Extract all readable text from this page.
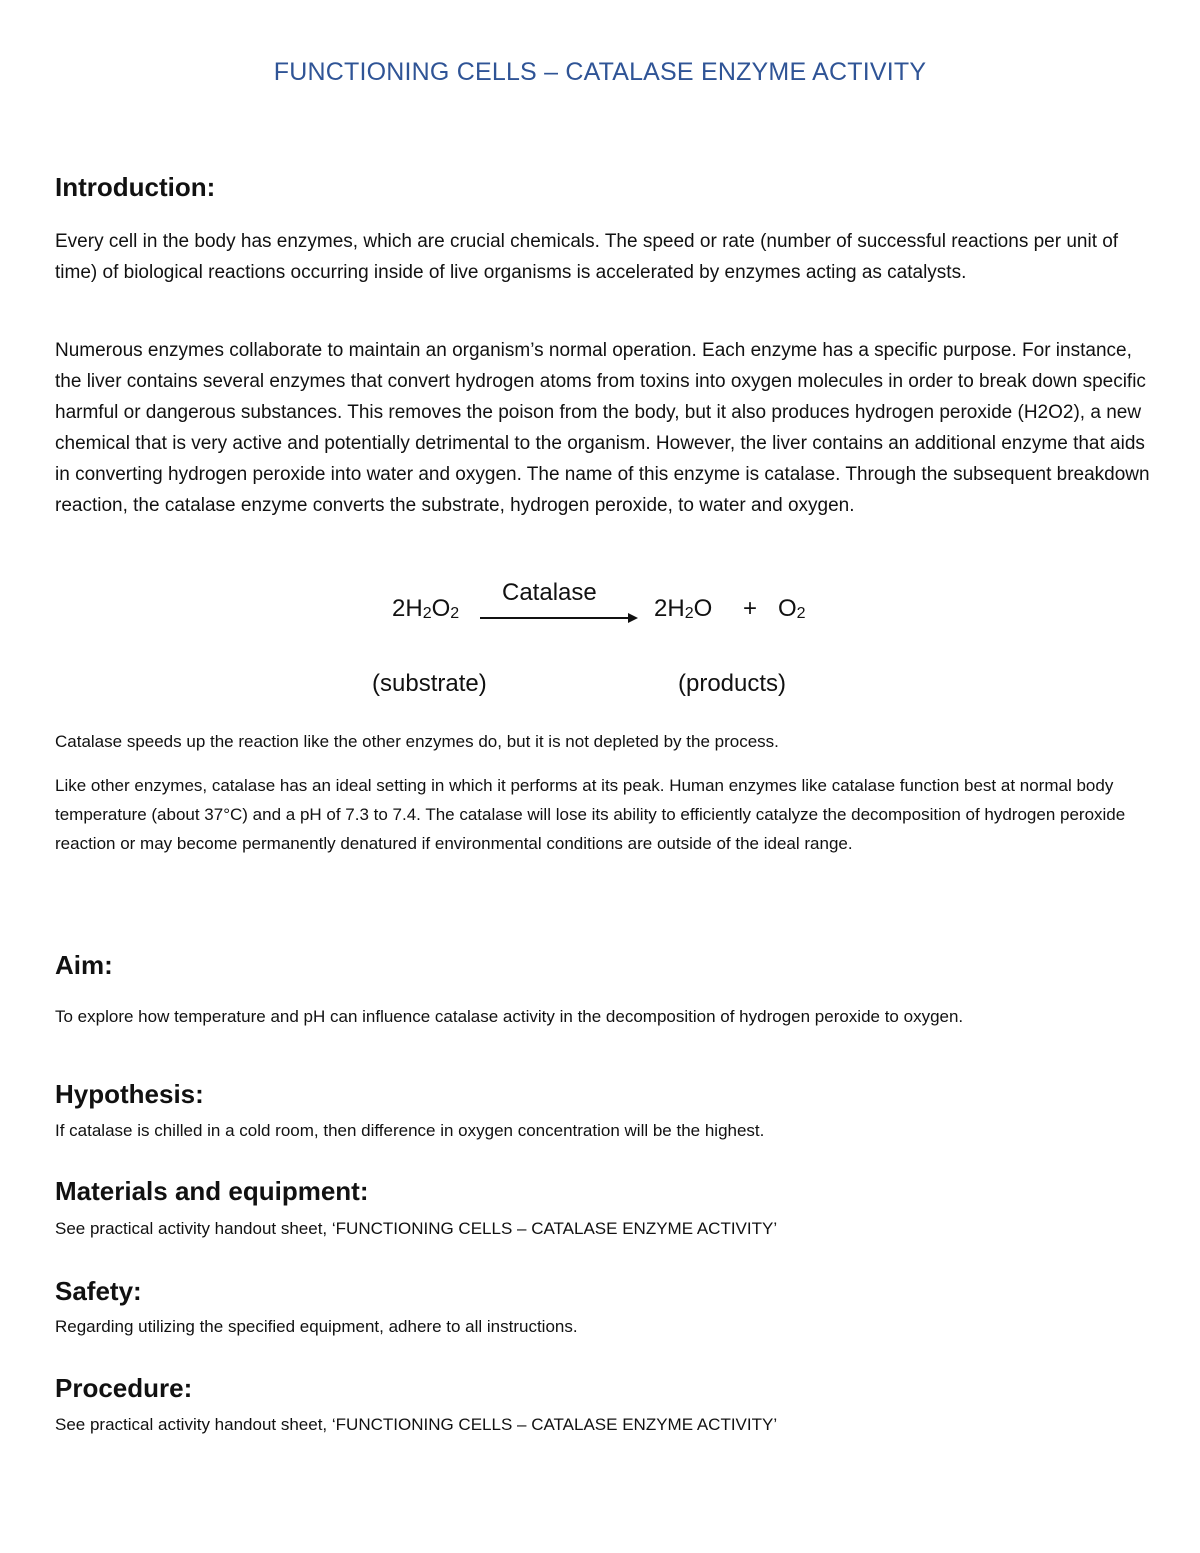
FUNCTIONING CELLS – CATALASE ENZYME ACTIVITY
Introduction:

Every cell in the body has enzymes, which are crucial chemicals. The speed or rate (number of successful reactions per unit of time) of biological reactions occurring inside of live organisms is accelerated by enzymes acting as catalysts.

Numerous enzymes collaborate to maintain an organism’s normal operation. Each enzyme has a specific purpose. For instance, the liver contains several enzymes that convert hydrogen atoms from toxins into oxygen molecules in order to break down specific harmful or dangerous substances. This removes the poison from the body, but it also produces hydrogen peroxide (H2O2), a new chemical that is very active and potentially detrimental to the organism. However, the liver contains an additional enzyme that aids in converting hydrogen peroxide into water and oxygen. The name of this enzyme is catalase. Through the subsequent breakdown reaction, the catalase enzyme converts the substrate, hydrogen peroxide, to water and oxygen.

$2H_2O_2$
Catalase
$2H_2O + O_2$
(substrate)	(products)

Catalase speeds up the reaction like the other enzymes do, but it is not depleted by the process.

Like other enzymes, catalase has an ideal setting in which it performs at its peak. Human enzymes like catalase function best at normal body temperature (about 37°C) and a pH of 7.3 to 7.4. The catalase will lose its ability to efficiently catalyze the decomposition of hydrogen peroxide reaction or may become permanently denatured if environmental conditions are outside of the ideal range.

Aim:

To explore how temperature and pH can influence catalase activity in the decomposition of hydrogen peroxide to oxygen.

Hypothesis:

If catalase is chilled in a cold room, then difference in oxygen concentration will be the highest.

Materials and equipment:

See practical activity handout sheet, ‘FUNCTIONING CELLS – CATALASE ENZYME ACTIVITY’

Safety:

Regarding utilizing the specified equipment, adhere to all instructions.

Procedure:

See practical activity handout sheet, ‘FUNCTIONING CELLS – CATALASE ENZYME ACTIVITY’
